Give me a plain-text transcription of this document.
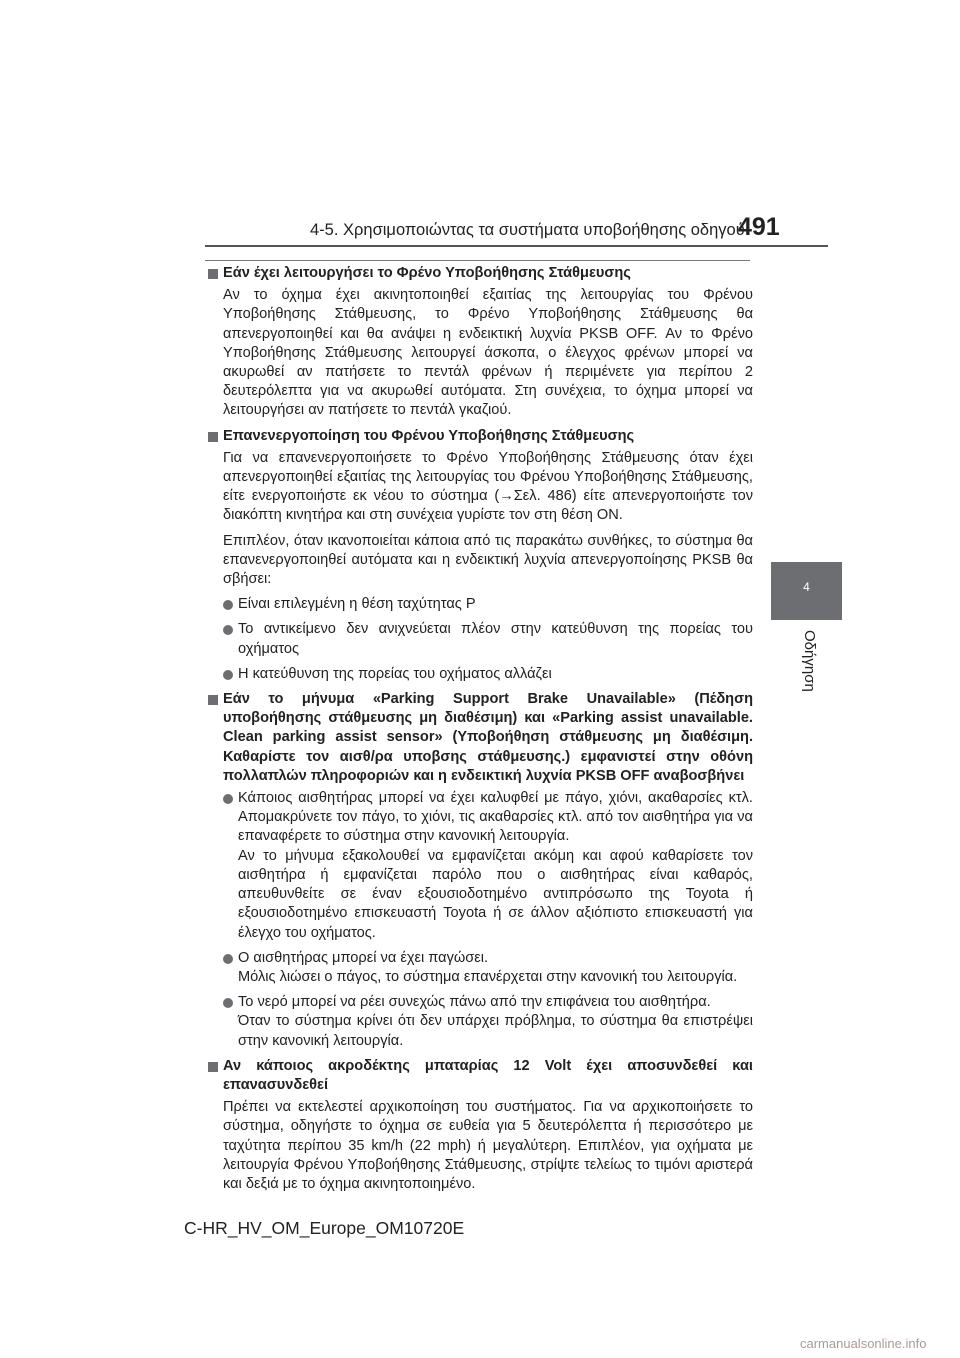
4-5. Χρησιμοποιώντας τα συστήματα υποβοήθησης οδηγού
491
4
Οδήγηση
Εάν έχει λειτουργήσει το Φρένο Υποβοήθησης Στάθμευσης
Αν το όχημα έχει ακινητοποιηθεί εξαιτίας της λειτουργίας του Φρένου Υποβοήθησης Στάθμευσης, το Φρένο Υποβοήθησης Στάθμευσης θα απενεργοποιηθεί και θα ανάψει η ενδεικτική λυχνία PKSB OFF. Αν το Φρένο Υποβοήθησης Στάθμευσης λειτουργεί άσκοπα, ο έλεγχος φρένων μπορεί να ακυρωθεί αν πατήσετε το πεντάλ φρένων ή περιμένετε για περίπου 2 δευτερόλεπτα για να ακυρωθεί αυτόματα. Στη συνέχεια, το όχημα μπορεί να λειτουργήσει αν πατήσετε το πεντάλ γκαζιού.
Επανενεργοποίηση του Φρένου Υποβοήθησης Στάθμευσης
Για να επανενεργοποιήσετε το Φρένο Υποβοήθησης Στάθμευσης όταν έχει απενεργοποιηθεί εξαιτίας της λειτουργίας του Φρένου Υποβοήθησης Στάθμευσης, είτε ενεργοποιήστε εκ νέου το σύστημα (→Σελ. 486) είτε απενεργοποιήστε τον διακόπτη κινητήρα και στη συνέχεια γυρίστε τον στη θέση ON.
Επιπλέον, όταν ικανοποιείται κάποια από τις παρακάτω συνθήκες, το σύστημα θα επανενεργοποιηθεί αυτόματα και η ενδεικτική λυχνία απενεργοποίησης PKSB θα σβήσει:
Είναι επιλεγμένη η θέση ταχύτητας P
Το αντικείμενο δεν ανιχνεύεται πλέον στην κατεύθυνση της πορείας του οχήματος
Η κατεύθυνση της πορείας του οχήματος αλλάζει
Εάν το μήνυμα «Parking Support Brake Unavailable» (Πέδηση υποβοήθησης στάθμευσης μη διαθέσιμη) και «Parking assist unavailable. Clean parking assist sensor» (Υποβοήθηση στάθμευσης μη διαθέσιμη. Καθαρίστε τον αισθ/ρα υποβσης στάθμευσης.) εμφανιστεί στην οθόνη πολλαπλών πληροφοριών και η ενδεικτική λυχνία PKSB OFF αναβοσβήνει
Κάποιος αισθητήρας μπορεί να έχει καλυφθεί με πάγο, χιόνι, ακαθαρσίες κτλ. Απομακρύνετε τον πάγο, το χιόνι, τις ακαθαρσίες κτλ. από τον αισθητήρα για να επαναφέρετε το σύστημα στην κανονική λειτουργία.
Αν το μήνυμα εξακολουθεί να εμφανίζεται ακόμη και αφού καθαρίσετε τον αισθητήρα ή εμφανίζεται παρόλο που ο αισθητήρας είναι καθαρός, απευθυνθείτε σε έναν εξουσιοδοτημένο αντιπρόσωπο της Toyota ή εξουσιοδοτημένο επισκευαστή Toyota ή σε άλλον αξιόπιστο επισκευαστή για έλεγχο του οχήματος.
Ο αισθητήρας μπορεί να έχει παγώσει.
Μόλις λιώσει ο πάγος, το σύστημα επανέρχεται στην κανονική του λειτουργία.
Το νερό μπορεί να ρέει συνεχώς πάνω από την επιφάνεια του αισθητήρα.
Όταν το σύστημα κρίνει ότι δεν υπάρχει πρόβλημα, το σύστημα θα επιστρέψει στην κανονική λειτουργία.
Αν κάποιος ακροδέκτης μπαταρίας 12 Volt έχει αποσυνδεθεί και επανασυνδεθεί
Πρέπει να εκτελεστεί αρχικοποίηση του συστήματος. Για να αρχικοποιήσετε το σύστημα, οδηγήστε το όχημα σε ευθεία για 5 δευτερόλεπτα ή περισσότερο με ταχύτητα περίπου 35 km/h (22 mph) ή μεγαλύτερη. Επιπλέον, για οχήματα με λειτουργία Φρένου Υποβοήθησης Στάθμευσης, στρίψτε τελείως το τιμόνι αριστερά και δεξιά με το όχημα ακινητοποιημένο.
C-HR_HV_OM_Europe_OM10720E
carmanualsonline.info
